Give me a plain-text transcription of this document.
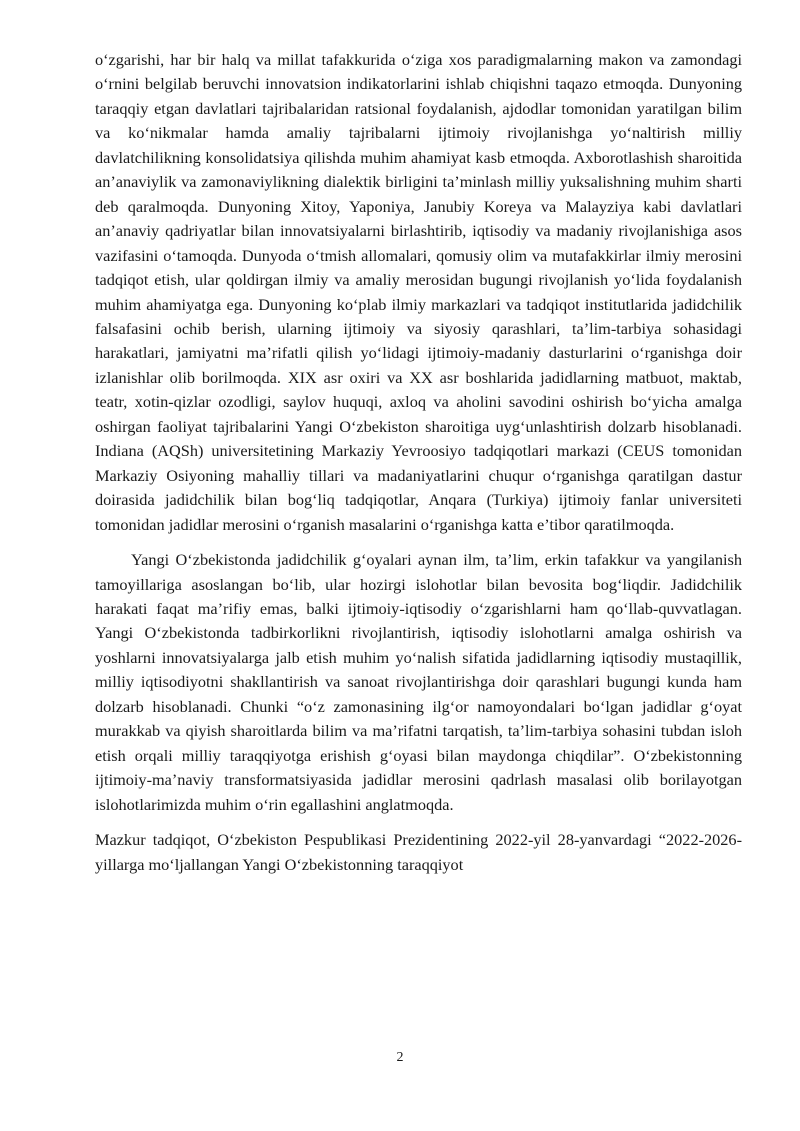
o‘zgarishi, har bir halq va millat tafakkurida o‘ziga xos paradigmalarning makon va zamondagi o‘rnini belgilab beruvchi innovatsion indikatorlarini ishlab chiqishni taqazo etmoqda. Dunyoning taraqqiy etgan davlatlari tajribalaridan ratsional foydalanish, ajdodlar tomonidan yaratilgan bilim va ko‘nikmalar hamda amaliy tajribalarni ijtimoiy rivojlanishga yo‘naltirish milliy davlatchilikning konsolidatsiya qilishda muhim ahamiyat kasb etmoqda. Axborotlashish sharoitida an’anaviylik va zamonaviylikning dialektik birligini ta’minlash milliy yuksalishning muhim sharti deb qaralmoqda. Dunyoning Xitoy, Yaponiya, Janubiy Koreya va Malayziya kabi davlatlari an’anaviy qadriyatlar bilan innovatsiyalarni birlashtirib, iqtisodiy va madaniy rivojlanishiga asos vazifasini o‘tamoqda. Dunyoda o‘tmish allomalari, qomusiy olim va mutafakkirlar ilmiy merosini tadqiqot etish, ular qoldirgan ilmiy va amaliy merosidan bugungi rivojlanish yo‘lida foydalanish muhim ahamiyatga ega. Dunyoning ko‘plab ilmiy markazlari va tadqiqot institutlarida jadidchilik falsafasini ochib berish, ularning ijtimoiy va siyosiy qarashlari, ta’lim-tarbiya sohasidagi harakatlari, jamiyatni ma’rifatli qilish yo‘lidagi ijtimoiy-madaniy dasturlarini o‘rganishga doir izlanishlar olib borilmoqda. XIX asr oxiri va XX asr boshlarida jadidlarning matbuot, maktab, teatr, xotin-qizlar ozodligi, saylov huquqi, axloq va aholini savodini oshirish bo‘yicha amalga oshirgan faoliyat tajribalarini Yangi O‘zbekiston sharoitiga uyg‘unlashtirish dolzarb hisoblanadi. Indiana (AQSh) universitetining Markaziy Yevroosiyo tadqiqotlari markazi (CEUS tomonidan Markaziy Osiyoning mahalliy tillari va madaniyatlarini chuqur o‘rganishga qaratilgan dastur doirasida jadidchilik bilan bog‘liq tadqiqotlar, Anqara (Turkiya) ijtimoiy fanlar universiteti tomonidan jadidlar merosini o‘rganish masalarini o‘rganishga katta e’tibor qaratilmoqda.

Yangi O‘zbekistonda jadidchilik g‘oyalari aynan ilm, ta’lim, erkin tafakkur va yangilanish tamoyillariga asoslangan bo‘lib, ular hozirgi islohotlar bilan bevosita bog‘liqdir. Jadidchilik harakati faqat ma’rifiy emas, balki ijtimoiy-iqtisodiy o‘zgarishlarni ham qo‘llab-quvvatlagan. Yangi O‘zbekistonda tadbirkorlikni rivojlantirish, iqtisodiy islohotlarni amalga oshirish va yoshlarni innovatsiyalarga jalb etish muhim yo‘nalish sifatida jadidlarning iqtisodiy mustaqillik, milliy iqtisodiyotni shakllantirish va sanoat rivojlantirishga doir qarashlari bugungi kunda ham dolzarb hisoblanadi. Chunki “o‘z zamonasining ilg‘or namoyondalari bo‘lgan jadidlar g‘oyat murakkab va qiyish sharoitlarda bilim va ma’rifatni tarqatish, ta’lim-tarbiya sohasini tubdan isloh etish orqali milliy taraqqiyotga erishish g‘oyasi bilan maydonga chiqdilar”. O‘zbekistonning ijtimoiy-ma’naviy transformatsiyasida jadidlar merosini qadrlash masalasi olib borilayotgan islohotlarimizda muhim o‘rin egallashini anglatmoqda.

Mazkur tadqiqot, O‘zbekiston Pespublikasi Prezidentining 2022-yil 28-yanvardagi “2022-2026-yillarga mo‘ljallangan Yangi O‘zbekistonning taraqqiyot

2
